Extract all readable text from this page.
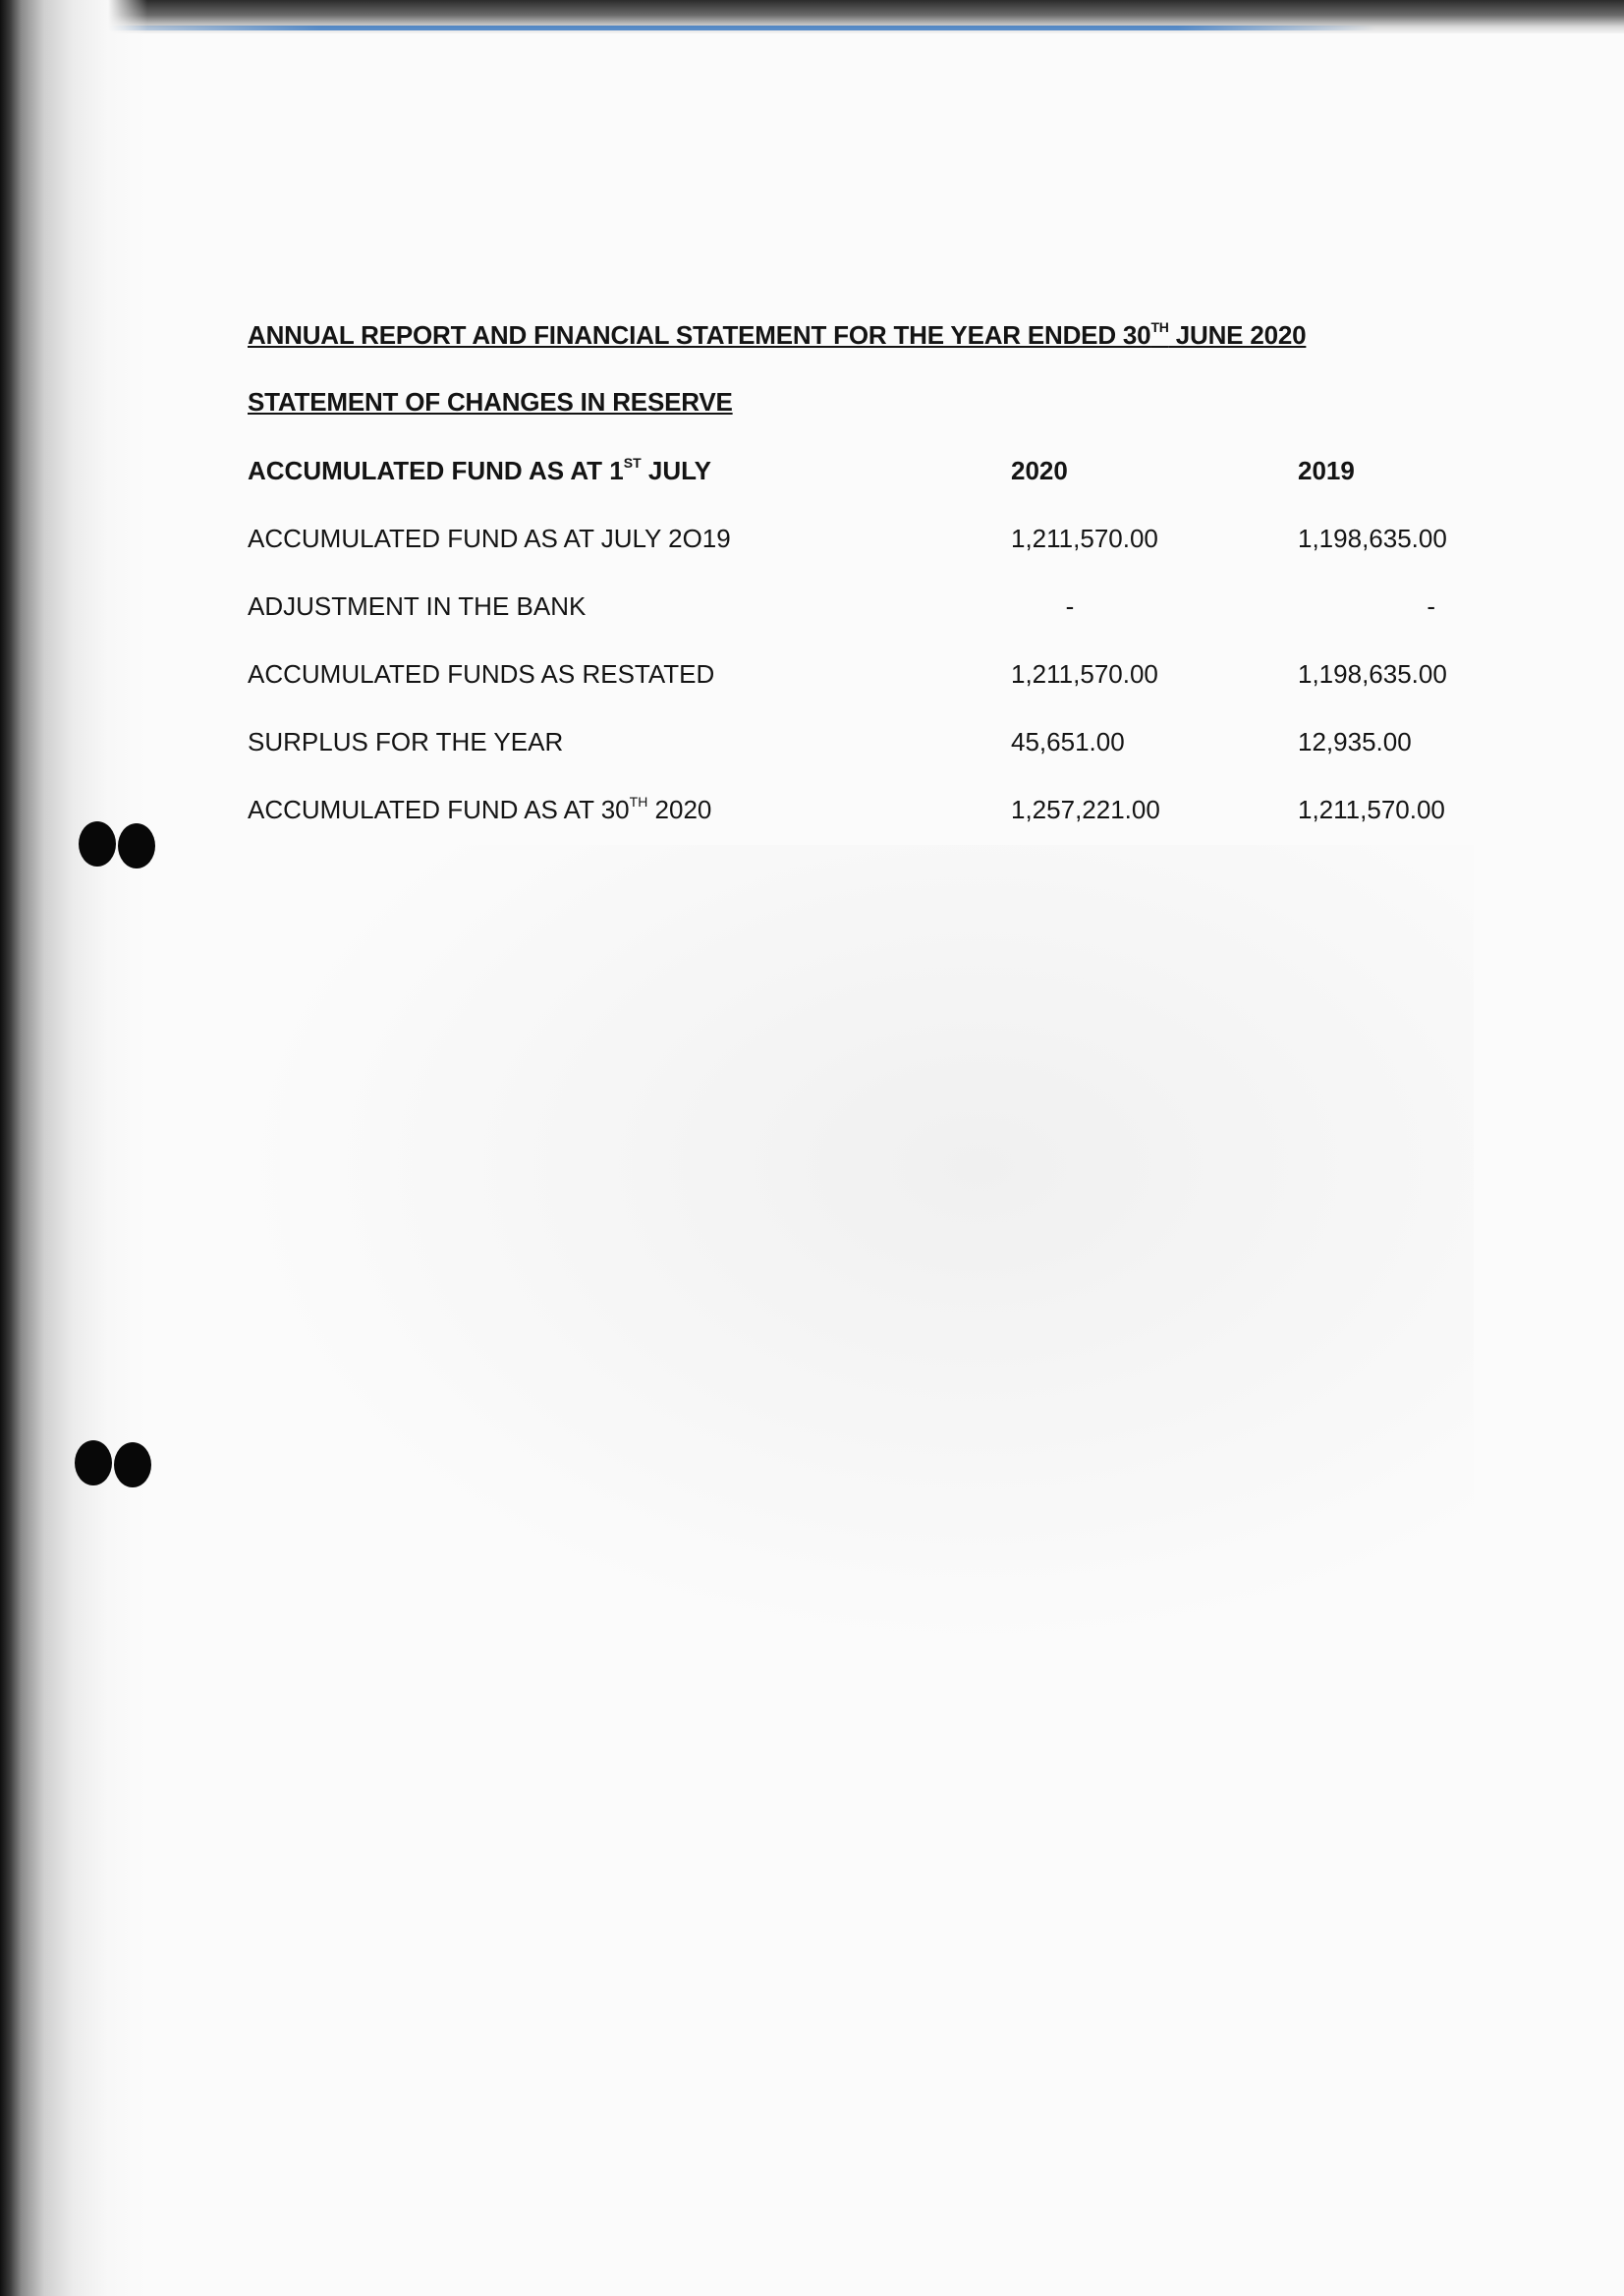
ANNUAL REPORT AND FINANCIAL STATEMENT FOR THE YEAR ENDED 30TH JUNE 2020
STATEMENT OF CHANGES IN RESERVE
ACCUMULATED FUND AS AT 1ST JULY	2020	2019
ACCUMULATED FUND AS AT JULY 2O19	1,211,570.00	1,198,635.00
ADJUSTMENT IN THE BANK	-	-
ACCUMULATED FUNDS AS RESTATED	1,211,570.00	1,198,635.00
SURPLUS FOR THE YEAR	45,651.00	12,935.00
ACCUMULATED FUND AS AT 30TH 2020	1,257,221.00	1,211,570.00
